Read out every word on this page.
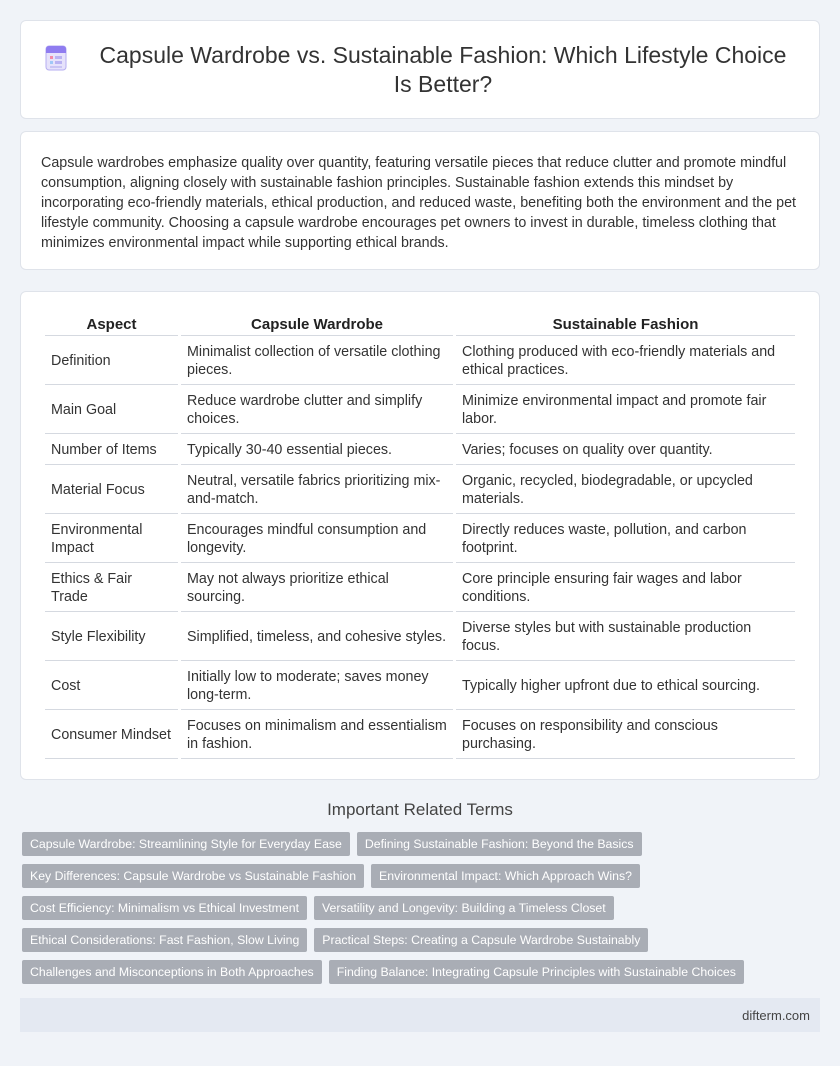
Capsule Wardrobe vs. Sustainable Fashion: Which Lifestyle Choice Is Better?

Capsule wardrobes emphasize quality over quantity, featuring versatile pieces that reduce clutter and promote mindful consumption, aligning closely with sustainable fashion principles. Sustainable fashion extends this mindset by incorporating eco-friendly materials, ethical production, and reduced waste, benefiting both the environment and the pet lifestyle community. Choosing a capsule wardrobe encourages pet owners to invest in durable, timeless clothing that minimizes environmental impact while supporting ethical brands.

Aspect	Capsule Wardrobe	Sustainable Fashion
Definition	Minimalist collection of versatile clothing pieces.	Clothing produced with eco-friendly materials and ethical practices.
Main Goal	Reduce wardrobe clutter and simplify choices.	Minimize environmental impact and promote fair labor.
Number of Items	Typically 30-40 essential pieces.	Varies; focuses on quality over quantity.
Material Focus	Neutral, versatile fabrics prioritizing mix-and-match.	Organic, recycled, biodegradable, or upcycled materials.
Environmental Impact	Encourages mindful consumption and longevity.	Directly reduces waste, pollution, and carbon footprint.
Ethics & Fair Trade	May not always prioritize ethical sourcing.	Core principle ensuring fair wages and labor conditions.
Style Flexibility	Simplified, timeless, and cohesive styles.	Diverse styles but with sustainable production focus.
Cost	Initially low to moderate; saves money long-term.	Typically higher upfront due to ethical sourcing.
Consumer Mindset	Focuses on minimalism and essentialism in fashion.	Focuses on responsibility and conscious purchasing.
Important Related Terms
Capsule Wardrobe: Streamlining Style for Everyday Ease	Defining Sustainable Fashion: Beyond the Basics
Key Differences: Capsule Wardrobe vs Sustainable Fashion	Environmental Impact: Which Approach Wins?
Cost Efficiency: Minimalism vs Ethical Investment	Versatility and Longevity: Building a Timeless Closet
Ethical Considerations: Fast Fashion, Slow Living	Practical Steps: Creating a Capsule Wardrobe Sustainably
Challenges and Misconceptions in Both Approaches	Finding Balance: Integrating Capsule Principles with Sustainable Choices
difterm.com
